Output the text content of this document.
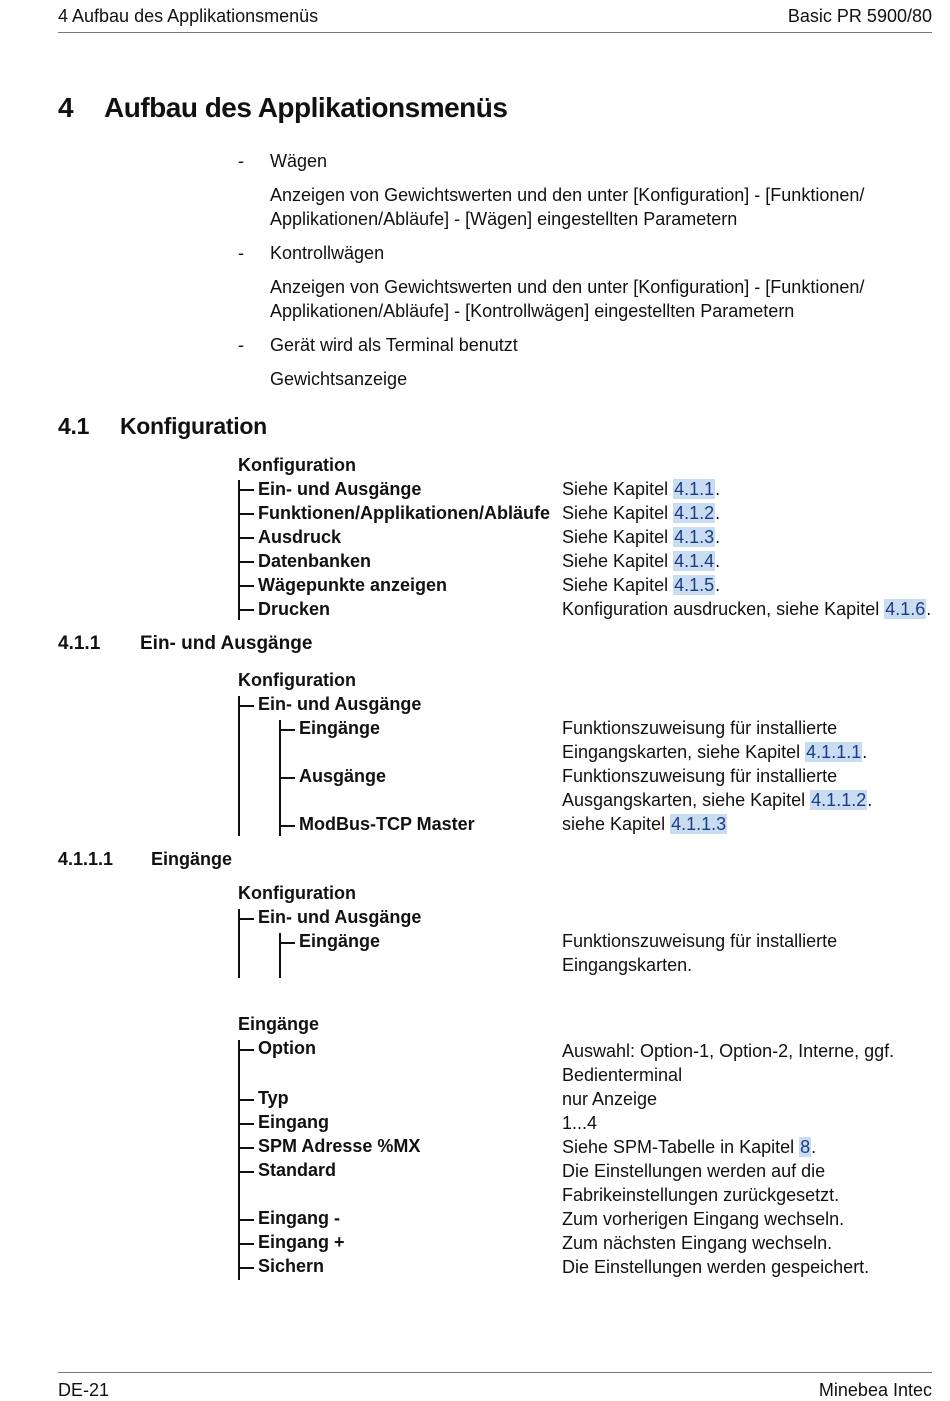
4 Aufbau des Applikationsmenüs	Basic PR 5900/80
4 Aufbau des Applikationsmenüs
- Wägen
Anzeigen von Gewichtswerten und den unter [Konfiguration] - [Funktionen/
Applikationen/Abläufe] - [Wägen] eingestellten Parametern
- Kontrollwägen
Anzeigen von Gewichtswerten und den unter [Konfiguration] - [Funktionen/
Applikationen/Abläufe] - [Kontrollwägen] eingestellten Parametern
- Gerät wird als Terminal benutzt
Gewichtsanzeige
4.1 Konfiguration
Konfiguration
Ein- und Ausgänge	Siehe Kapitel 4.1.1.
Funktionen/Applikationen/Abläufe Siehe Kapitel 4.1.2.
Ausdruck	Siehe Kapitel 4.1.3.
Datenbanken	Siehe Kapitel 4.1.4.
Wägepunkte anzeigen	Siehe Kapitel 4.1.5.
Drucken	Konfiguration ausdrucken, siehe Kapitel 4.1.6.
4.1.1 Ein- und Ausgänge
Konfiguration
Ein- und Ausgänge
Eingänge	Funktionszuweisung für installierte
Eingangskarten, siehe Kapitel 4.1.1.1.
Ausgänge	Funktionszuweisung für installierte
Ausgangskarten, siehe Kapitel 4.1.1.2.
ModBus-TCP Master	siehe Kapitel 4.1.1.3
4.1.1.1 Eingänge
Konfiguration
Ein- und Ausgänge
Eingänge	Funktionszuweisung für installierte
Eingangskarten.
Eingänge
Option	Auswahl: Option-1, Option-2, Interne, ggf.
Bedienterminal
Typ	nur Anzeige
Eingang	1...4
SPM Adresse %MX	Siehe SPM-Tabelle in Kapitel 8.
Standard	Die Einstellungen werden auf die
Fabrikeinstellungen zurückgesetzt.
Eingang -	Zum vorherigen Eingang wechseln.
Eingang +	Zum nächsten Eingang wechseln.
Sichern	Die Einstellungen werden gespeichert.
DE-21	Minebea Intec
